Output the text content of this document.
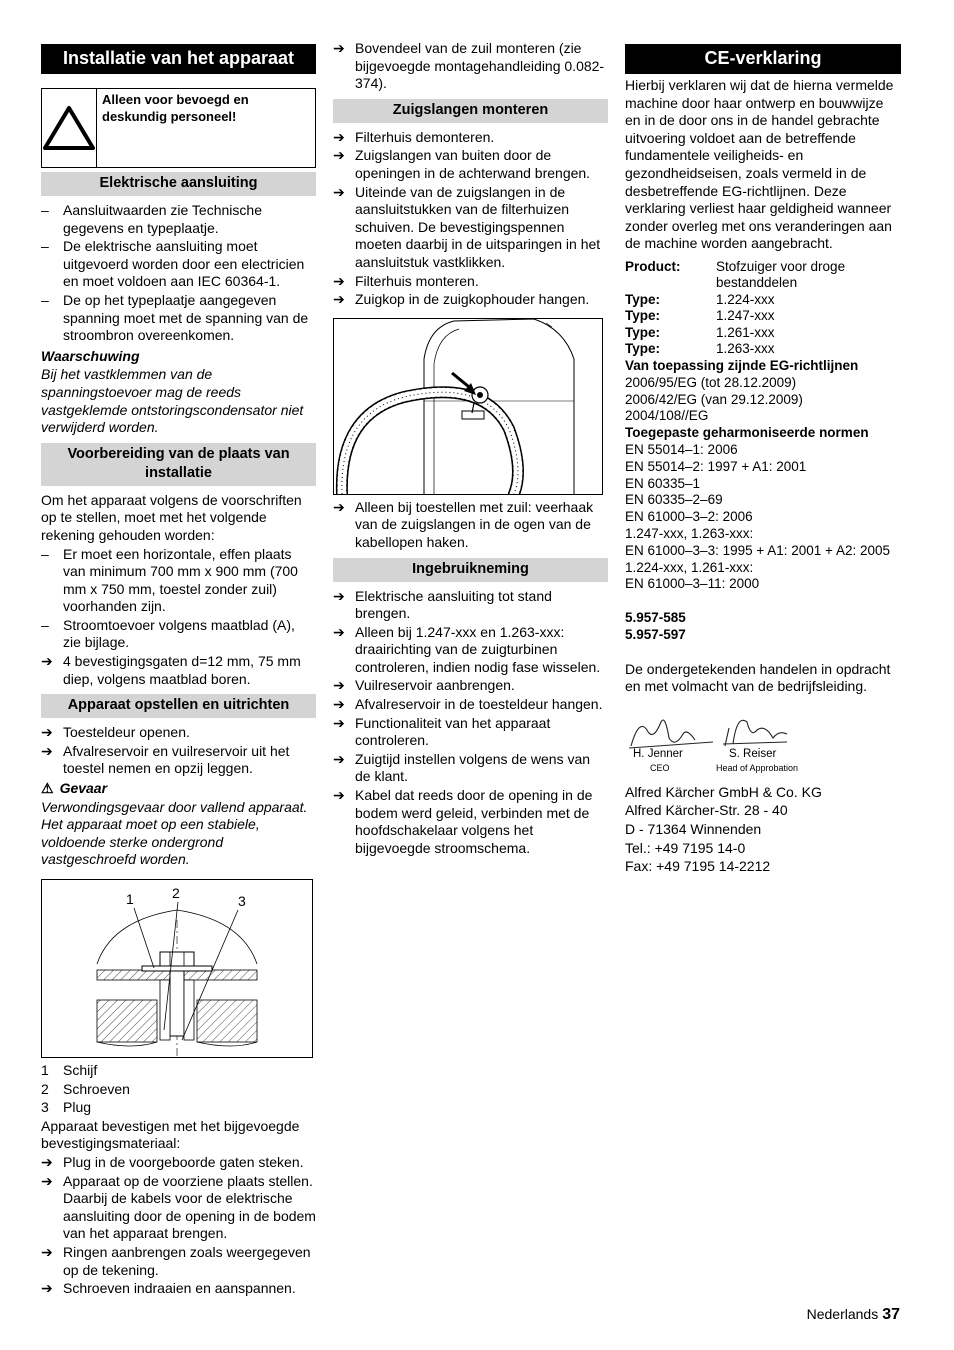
Installatie van het apparaat
Alleen voor bevoegd en deskundig personeel!
Elektrische aansluiting
–	Aansluitwaarden zie Technische gegevens en typeplaatje.
–	De elektrische aansluiting moet uitgevoerd worden door een electricien en moet voldoen aan IEC 60364-1.
–	De op het typeplaatje aangegeven spanning moet met de spanning van de stroombron overeenkomen.

Waarschuwing

Bij het vastklemmen van de spanningstoevoer mag de reeds vastgeklemde ontstoringscondensator niet verwijderd worden.

Voorbereiding van de plaats van installatie

Om het apparaat volgens de voorschriften op te stellen, moet met het volgende rekening gehouden worden:

–	Er moet een horizontale, effen plaats van minimum 700 mm x 900 mm (700 mm x 750 mm, toestel zonder zuil) voorhanden zijn.
–	Stroomtoevoer volgens maatblad (A), zie bijlage.
➔ 4 bevestigingsgaten d=12 mm, 75 mm diep, volgens maatblad boren.
Apparaat opstellen en uitrichten
➔ Toesteldeur openen.
➔ Afvalreservoir en vuilreservoir uit het toestel nemen en opzij leggen.

⚠ Gevaar

Verwondingsgevaar door vallend apparaat. Het apparaat moet op een stabiele, voldoende sterke ondergrond vastgeschroefd worden.

1	2	3
1	Schijf
2	Schroeven
3	Plug

Apparaat bevestigen met het bijgevoegde bevestigingsmateriaal:

➔ Plug in de voorgeboorde gaten steken.
➔ Apparaat op de voorziene plaats stellen. Daarbij de kabels voor de elektrische aansluiting door de opening in de bodem van het apparaat brengen.
➔ Ringen aanbrengen zoals weergegeven op de tekening.
➔ Schroeven indraaien en aanspannen.
➔ Bovendeel van de zuil monteren (zie bijgevoegde montagehandleiding 0.082-374).
Zuigslangen monteren
➔ Filterhuis demonteren.
➔ Zuigslangen van buiten door de openingen in de achterwand brengen.
➔ Uiteinde van de zuigslangen in de aansluitstukken van de filterhuizen schuiven. De bevestigingspennen moeten daarbij in de uitsparingen in het aansluitstuk vastklikken.
➔ Filterhuis monteren.
➔ Zuigkop in de zuigkophouder hangen.
➔ Alleen bij toestellen met zuil: veerhaak van de zuigslangen in de ogen van de kabellopen haken.
Ingebruikneming
➔ Elektrische aansluiting tot stand brengen.
➔ Alleen bij 1.247-xxx en 1.263-xxx: draairichting van de zuigturbinen controleren, indien nodig fase wisselen.
➔ Vuilreservoir aanbrengen.
➔ Afvalreservoir in de toesteldeur hangen.
➔ Functionaliteit van het apparaat controleren.
➔ Zuigtijd instellen volgens de wens van de klant.
➔ Kabel dat reeds door de opening in de bodem werd geleid, verbinden met de hoofdschakelaar volgens het bijgevoegde stroomschema.
CE-verklaring

Hierbij verklaren wij dat de hierna vermelde machine door haar ontwerp en bouwwijze en in de door ons in de handel gebrachte uitvoering voldoet aan de betreffende fundamentele veiligheids- en gezondheidseisen, zoals vermeld in de desbetreffende EG-richtlijnen. Deze verklaring verliest haar geldigheid wanneer zonder overleg met ons veranderingen aan de machine worden aangebracht.

Product:	Stofzuiger voor droge bestanddelen
Type:	1.224-xxx
Type:	1.247-xxx
Type:	1.261-xxx
Type:	1.263-xxx

Van toepassing zijnde EG-richtlijnen

2006/95/EG (tot 28.12.2009)

2006/42/EG (van 29.12.2009)

2004/108//EG

Toegepaste geharmoniseerde normen

EN 55014–1: 2006

EN 55014–2: 1997 + A1: 2001

EN 60335–1

EN 60335–2–69

EN 61000–3–2: 2006

1.247-xxx, 1.263-xxx:

EN 61000–3–3: 1995 + A1: 2001 + A2: 2005

1.224-xxx, 1.261-xxx:

EN 61000–3–11: 2000

5.957-585

5.957-597

De ondergetekenden handelen in opdracht en met volmacht van de bedrijfsleiding.

H. Jenner
CEO
S. Reiser
Head of Approbation

Alfred Kärcher GmbH & Co. KG

Alfred Kärcher-Str. 28 - 40

D - 71364 Winnenden

Tel.: +49 7195 14-0

Fax: +49 7195 14-2212

Nederlands 37
